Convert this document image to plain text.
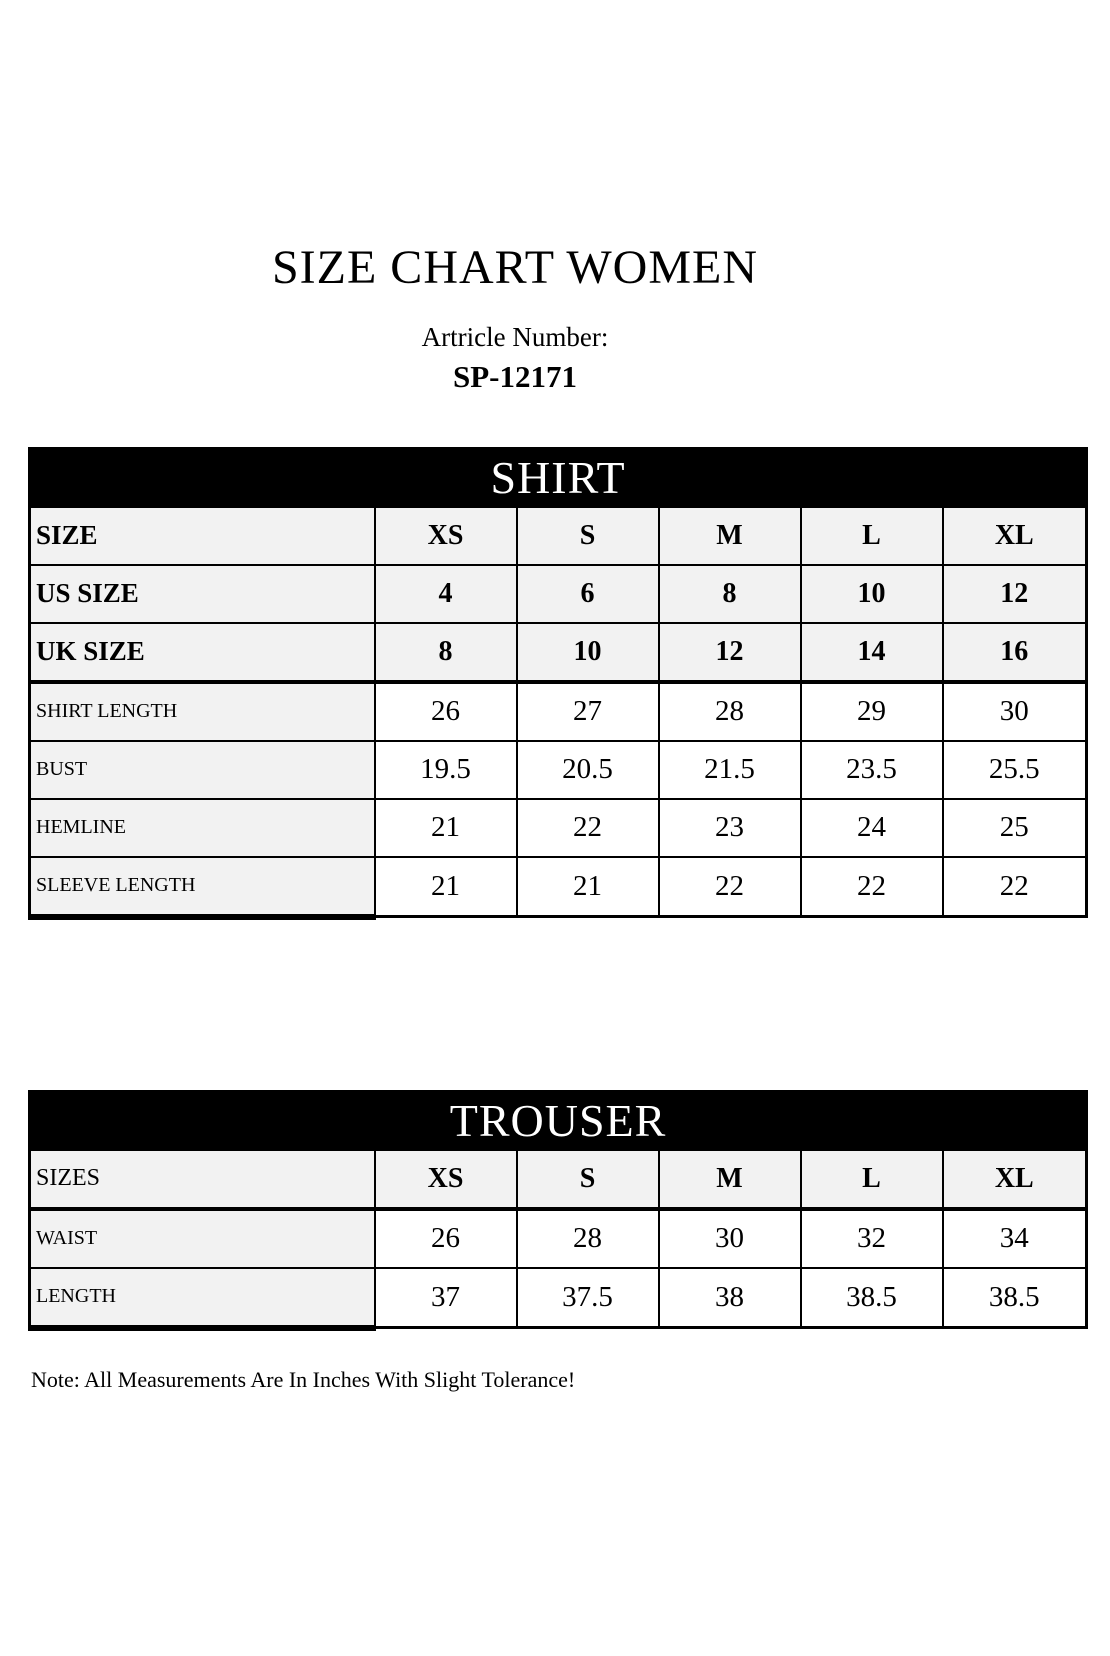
SIZE CHART WOMEN

Artricle Number:

SP-12171

SHIRT					
SIZE	XS	S	M	L	XL
US SIZE	4	6	8	10	12
UK SIZE	8	10	12	14	16
SHIRT LENGTH	26	27	28	29	30
BUST	19.5	20.5	21.5	23.5	25.5
HEMLINE	21	22	23	24	25
SLEEVE LENGTH	21	21	22	22	22
TROUSER					
SIZES	XS	S	M	L	XL
WAIST	26	28	30	32	34
LENGTH	37	37.5	38	38.5	38.5

Note: All Measurements Are In Inches With Slight Tolerance!
